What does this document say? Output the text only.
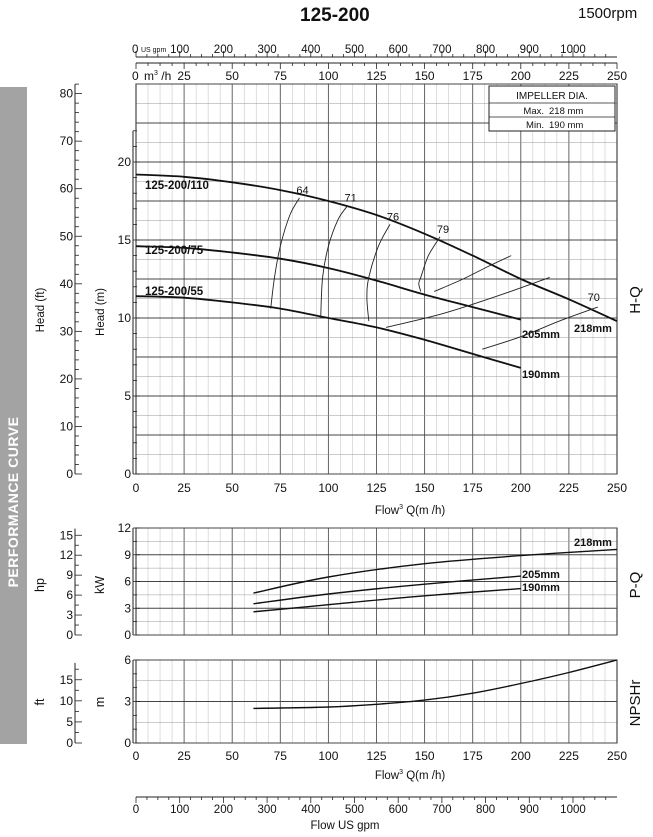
PERFORMANCE CURVE
125-200	1500rpm
100 200 300 400 500 600 700 800 900 1000
0 US gpm
25	50	75	100 125 150 175 200 225 250
0 $m^3$ /h
0	25	50	75	100 125 150 175 200 225 250
Flow$^3$ Q(m /h)
0	25	50	75	100 125 150 175 200 225 250
Flow$^3$ Q(m /h)
0	100 200 300 400 500 600 700 800 900 1000
Flow US gpm
0
10
20
30
40
50
60
70
80
0
5
10
15
20
0
3
6
9
12
15
0
3
6
9
12
0
5
10
15
0
3
6
Head (ft)	Head (m)
hp	kW
ft	m
H-Q
P-Q
NPSHr
64
71
76
79
70
125-200/110
125-200/75
125-200/55
218mm
205mm
190mm
IMPELLER DIA.
Max. 218 mm
Min. 190 mm
218mm
205mm
190mm
